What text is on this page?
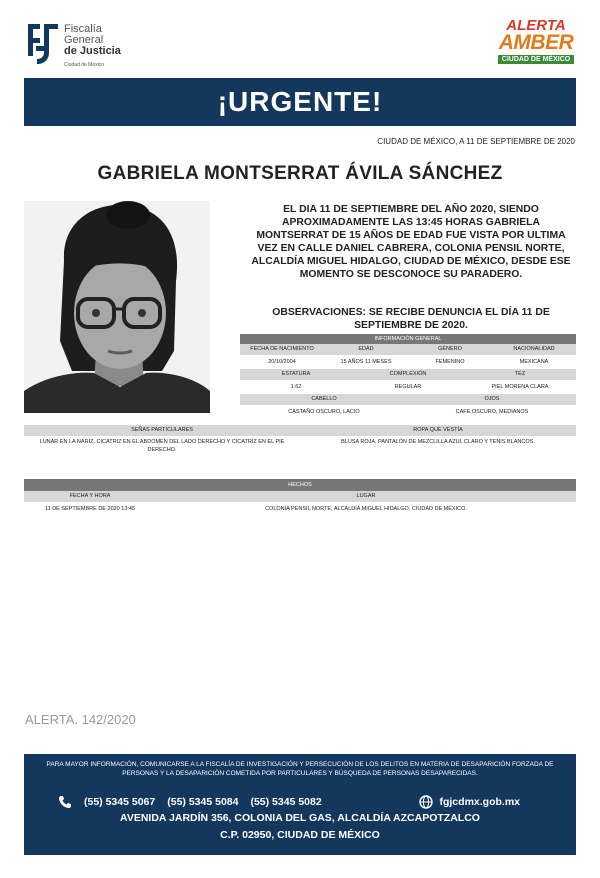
Fiscalía
General
de Justicia
Ciudad de México
ALERTA
AMBER
CIUDAD DE MÉXICO
¡URGENTE!
CIUDAD DE MÉXICO, A 11 DE SEPTIEMBRE DE 2020
GABRIELA MONTSERRAT ÁVILA SÁNCHEZ
EL DIA 11 DE SEPTIEMBRE DEL AÑO 2020, SIENDO APROXIMADAMENTE LAS 13:45 HORAS GABRIELA MONTSERRAT DE 15 AÑOS DE EDAD FUE VISTA POR ULTIMA VEZ EN CALLE DANIEL CABRERA, COLONIA PENSIL NORTE, ALCALDÍA MIGUEL HIDALGO, CIUDAD DE MÉXICO, DESDE ESE MOMENTO SE DESCONOCE SU PARADERO.
OBSERVACIONES: SE RECIBE DENUNCIA EL DÍA 11 DE SEPTIEMBRE DE 2020.
INFORMACIÓN GENERAL
FECHA DE NACIMIENTO	EDAD	GÉNERO	NACIONALIDAD
20/10/2004	15 AÑOS 11 MESES	FEMENINO	MEXICANA
ESTATURA	COMPLEXIÓN	TEZ
1.62	REGULAR	PIEL MORENA CLARA
CABELLO	OJOS
CASTAÑO OSCURO, LACIO	CAFE OSCURO, MEDIANOS
SEÑAS PARTICULARES	ROPA QUE VESTÍA
LUNAR EN LA NARIZ, CICATRIZ EN EL ABDOMEN DEL LADO DERECHO Y CICATRIZ EN EL PIE DERECHO.
BLUSA ROJA, PANTALÓN DE MEZCLILLA AZUL CLARO Y TENIS BLANCOS.
HECHOS
FECHA Y HORA	LUGAR
11 DE SEPTIEMBRE DE 2020 13:45	COLONIA PENSIL NORTE, ALCALDÍA MIGUEL HIDALGO, CIUDAD DE MÉXICO.
ALERTA. 142/2020
PARA MAYOR INFORMACIÓN, COMUNICARSE A LA FISCALÍA DE INVESTIGACIÓN Y PERSECUCIÓN DE LOS DELITOS EN MATERIA DE DESAPARICIÓN FORZADA DE PERSONAS Y LA DESAPARICIÓN COMETIDA POR PARTICULARES Y BÚSQUEDA DE PERSONAS DESAPARECIDAS.
(55) 5345 5067 (55) 5345 5084 (55) 5345 5082	fgjcdmx.gob.mx
AVENIDA JARDÍN 356, COLONIA DEL GAS, ALCALDÍA AZCAPOTZALCO
C.P. 02950, CIUDAD DE MÉXICO
